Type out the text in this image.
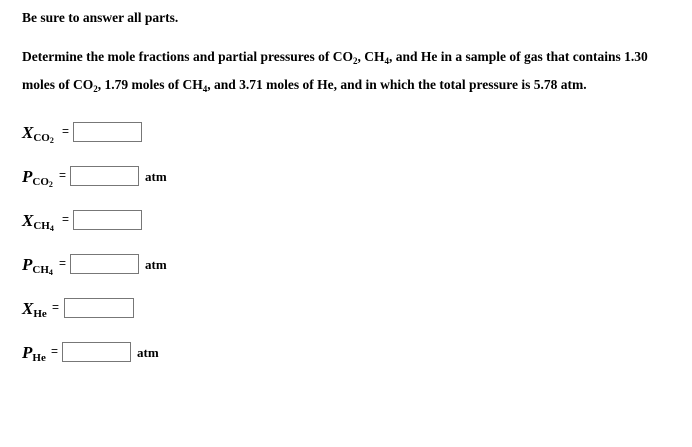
Be sure to answer all parts.
Determine the mole fractions and partial pressures of $CO_2$, $CH_4$, and He in a sample of gas that contains 1.30 moles of $CO_2$, 1.79 moles of $CH_4$, and 3.71 moles of He, and in which the total pressure is 5.78 atm.
$X_{CO2}$
=
$P_{CO2}$
=	atm
$X_{CH4}$
=
$P_{CH4}$
=	atm
$X_{He}$ =
$P_{He}$ =	atm
